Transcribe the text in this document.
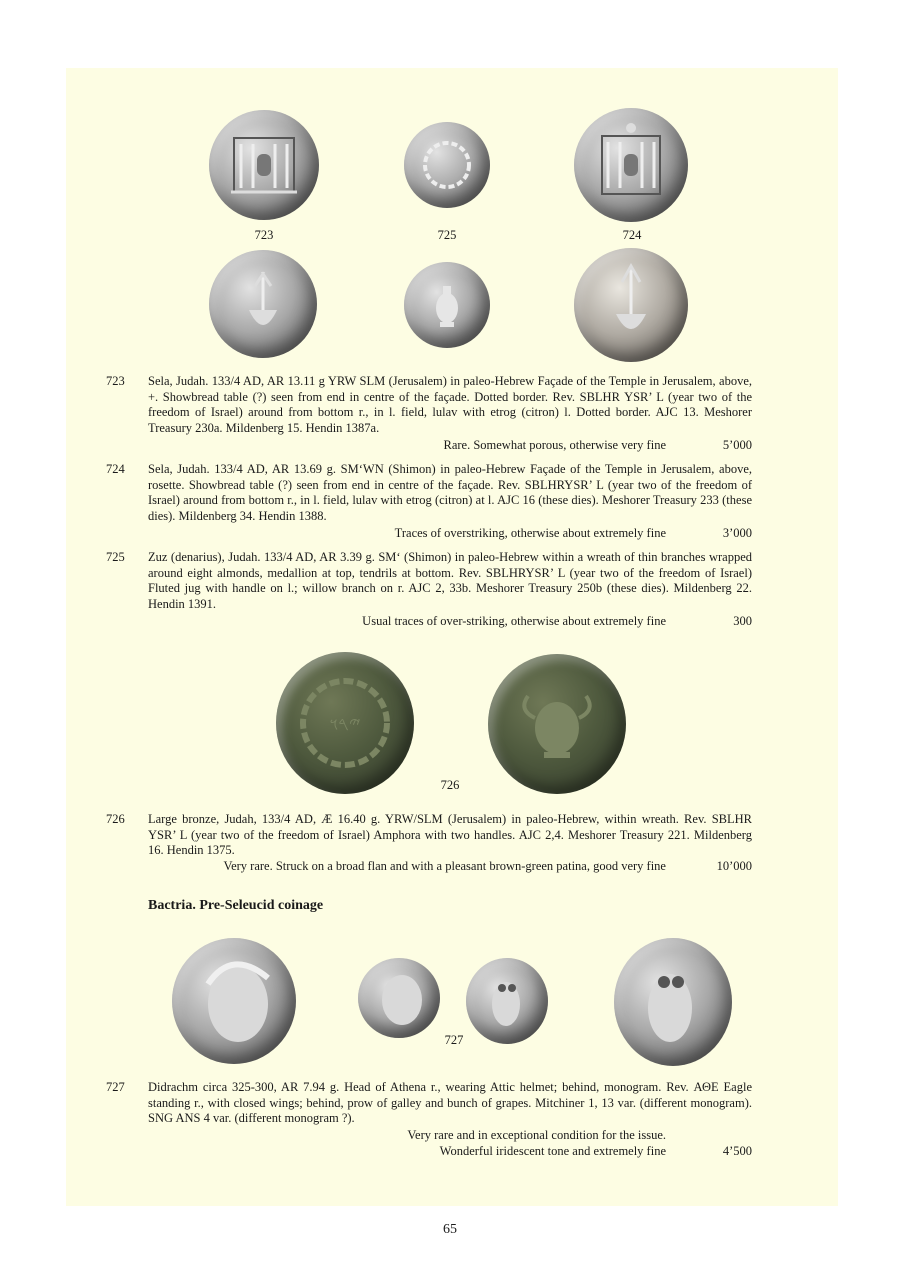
723	725	724
723 Sela, Judah. 133/4 AD, AR 13.11 g YRW SLM (Jerusalem) in paleo-Hebrew Façade of the Temple in Jerusalem, above, +. Showbread table (?) seen from end in centre of the façade. Dotted border. Rev. SBLHR YSR’ L (year two of the freedom of Israel) around from bottom r., in l. field, lulav with etrog (citron) l. Dotted border. AJC 13. Meshorer Treasury 230a. Mildenberg 15. Hendin 1387a.
Rare. Somewhat porous, otherwise very fine	5’000
724 Sela, Judah. 133/4 AD, AR 13.69 g. SM‘WN (Shimon) in paleo-Hebrew Façade of the Temple in Jerusalem, above, rosette. Showbread table (?) seen from end in centre of the façade. Rev. SBLHRYSR’ L (year two of the freedom of Israel) around from bottom r., in l. field, lulav with etrog (citron) at l. AJC 16 (these dies). Meshorer Treasury 233 (these dies). Mildenberg 34. Hendin 1388.
Traces of overstriking, otherwise about extremely fine	3’000
725 Zuz (denarius), Judah. 133/4 AD, AR 3.39 g. SM‘ (Shimon) in paleo-Hebrew within a wreath of thin branches wrapped around eight almonds, medallion at top, tendrils at bottom. Rev. SBLHRYSR’ L (year two of the freedom of Israel) Fluted jug with handle on l.; willow branch on r. AJC 2, 33b. Meshorer Treasury 250b (these dies). Mildenberg 22. Hendin 1391.
Usual traces of over-striking, otherwise about extremely fine	300
𐤉𐤓𐤅
726
726 Large bronze, Judah, 133/4 AD, Æ 16.40 g. YRW/SLM (Jerusalem) in paleo-Hebrew, within wreath. Rev. SBLHR YSR’ L (year two of the freedom of Israel) Amphora with two handles. AJC 2,4. Meshorer Treasury 221. Mildenberg 16. Hendin 1375.
Very rare. Struck on a broad flan and with a pleasant brown-green patina, good very fine	10’000
Bactria. Pre-Seleucid coinage
727
727 Didrachm circa 325-300, AR 7.94 g. Head of Athena r., wearing Attic helmet; behind, monogram. Rev. ΑΘΕ Eagle standing r., with closed wings; behind, prow of galley and bunch of grapes. Mitchiner 1, 13 var. (different monogram). SNG ANS 4 var. (different monogram ?).
Very rare and in exceptional condition for the issue.
Wonderful iridescent tone and extremely fine	4’500
65
